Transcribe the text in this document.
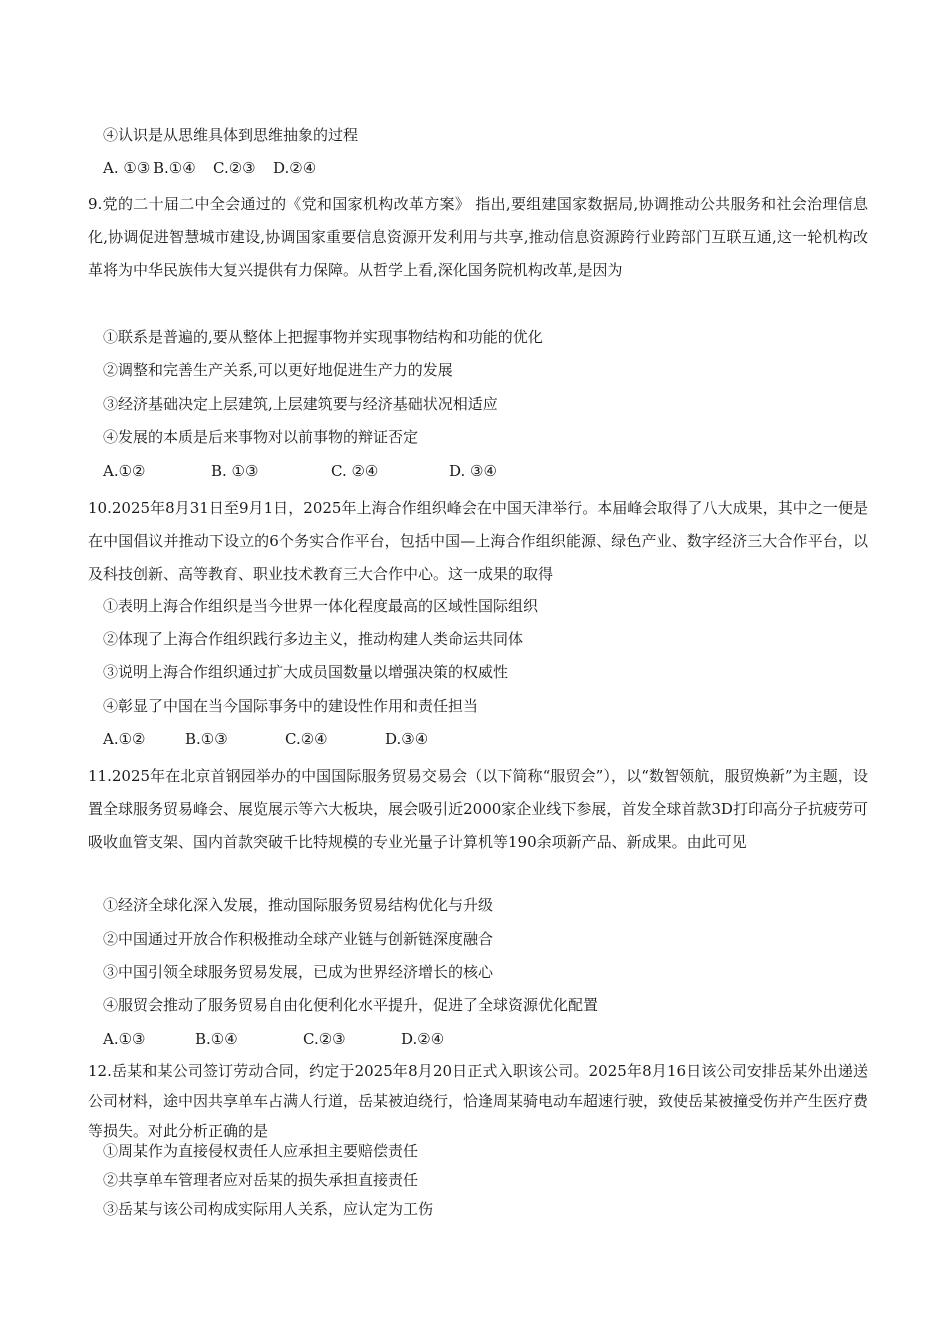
④认识是从思维具体到思维抽象的过程
A. ①③ B.①④ C.②③ D.②④
9.党的二十届二中全会通过的《党和国家机构改革方案》 指出,要组建国家数据局,协调推动公共服务和社会治理信息化,协调促进智慧城市建设,协调国家重要信息资源开发利用与共享,推动信息资源跨行业跨部门互联互通,这一轮机构改革将为中华民族伟大复兴提供有力保障。从哲学上看,深化国务院机构改革,是因为
①联系是普遍的,要从整体上把握事物并实现事物结构和功能的优化
②调整和完善生产关系,可以更好地促进生产力的发展
③经济基础决定上层建筑,上层建筑要与经济基础状况相适应
④发展的本质是后来事物对以前事物的辩证否定
A.①②	B. ①③	C. ②④	D. ③④
10.2025年8月31日至9月1日，2025年上海合作组织峰会在中国天津举行。本届峰会取得了八大成果，其中之一便是在中国倡议并推动下设立的6个务实合作平台，包括中国—上海合作组织能源、绿色产业、数字经济三大合作平台，以及科技创新、高等教育、职业技术教育三大合作中心。这一成果的取得
①表明上海合作组织是当今世界一体化程度最高的区域性国际组织
②体现了上海合作组织践行多边主义，推动构建人类命运共同体
③说明上海合作组织通过扩大成员国数量以增强决策的权威性
④彰显了中国在当今国际事务中的建设性作用和责任担当
A.①②	B.①③	C.②④	D.③④
11.2025年在北京首钢园举办的中国国际服务贸易交易会（以下简称“服贸会”），以“数智领航，服贸焕新”为主题，设置全球服务贸易峰会、展览展示等六大板块，展会吸引近2000家企业线下参展，首发全球首款3D打印高分子抗疲劳可吸收血管支架、国内首款突破千比特规模的专业光量子计算机等190余项新产品、新成果。由此可见
①经济全球化深入发展，推动国际服务贸易结构优化与升级
②中国通过开放合作积极推动全球产业链与创新链深度融合
③中国引领全球服务贸易发展，已成为世界经济增长的核心
④服贸会推动了服务贸易自由化便利化水平提升，促进了全球资源优化配置
A.①③	B.①④	C.②③	D.②④
12.岳某和某公司签订劳动合同，约定于2025年8月20日正式入职该公司。2025年8月16日该公司安排岳某外出递送公司材料，途中因共享单车占满人行道，岳某被迫绕行，恰逢周某骑电动车超速行驶，致使岳某被撞受伤并产生医疗费等损失。对此分析正确的是
①周某作为直接侵权责任人应承担主要赔偿责任
②共享单车管理者应对岳某的损失承担直接责任
③岳某与该公司构成实际用人关系，应认定为工伤
